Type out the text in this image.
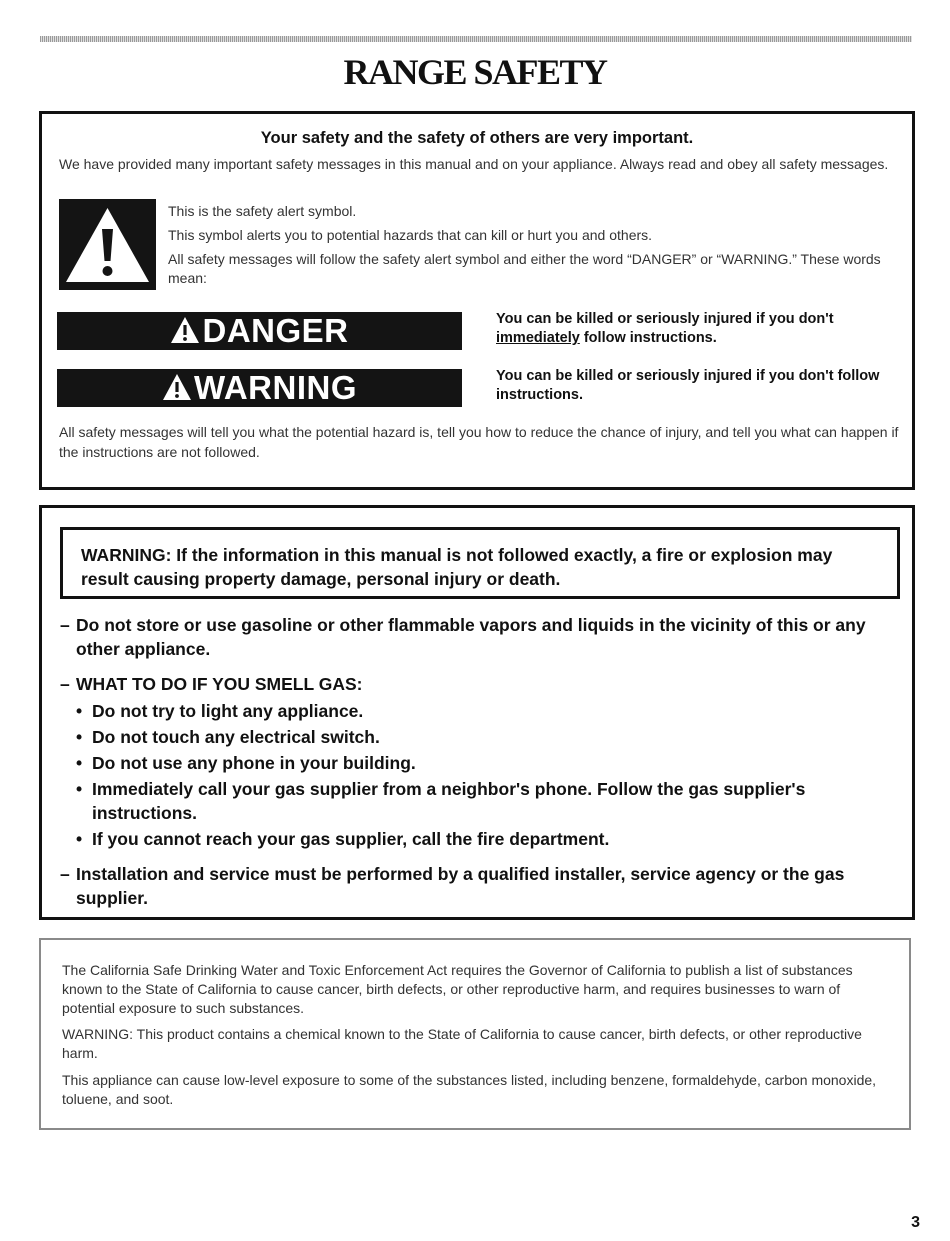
RANGE SAFETY
Your safety and the safety of others are very important.

We have provided many important safety messages in this manual and on your appliance. Always read and obey all safety messages.

This is the safety alert symbol.

This symbol alerts you to potential hazards that can kill or hurt you and others.

All safety messages will follow the safety alert symbol and either the word “DANGER” or “WARNING.” These words mean:

DANGER	You can be killed or seriously injured if you don't immediately follow instructions.

WARNING	You can be killed or seriously injured if you don't follow instructions.

All safety messages will tell you what the potential hazard is, tell you how to reduce the chance of injury, and tell you what can happen if the instructions are not followed.

WARNING: If the information in this manual is not followed exactly, a fire or explosion may result causing property damage, personal injury or death.

– Do not store or use gasoline or other flammable vapors and liquids in the vicinity of this or any other appliance.

– WHAT TO DO IF YOU SMELL GAS:
• Do not try to light any appliance.
• Do not touch any electrical switch.
• Do not use any phone in your building.
• Immediately call your gas supplier from a neighbor's phone. Follow the gas supplier's instructions.
• If you cannot reach your gas supplier, call the fire department.

– Installation and service must be performed by a qualified installer, service agency or the gas supplier.

The California Safe Drinking Water and Toxic Enforcement Act requires the Governor of California to publish a list of substances known to the State of California to cause cancer, birth defects, or other reproductive harm, and requires businesses to warn of potential exposure to such substances.

WARNING: This product contains a chemical known to the State of California to cause cancer, birth defects, or other reproductive harm.

This appliance can cause low-level exposure to some of the substances listed, including benzene, formaldehyde, carbon monoxide, toluene, and soot.

3
